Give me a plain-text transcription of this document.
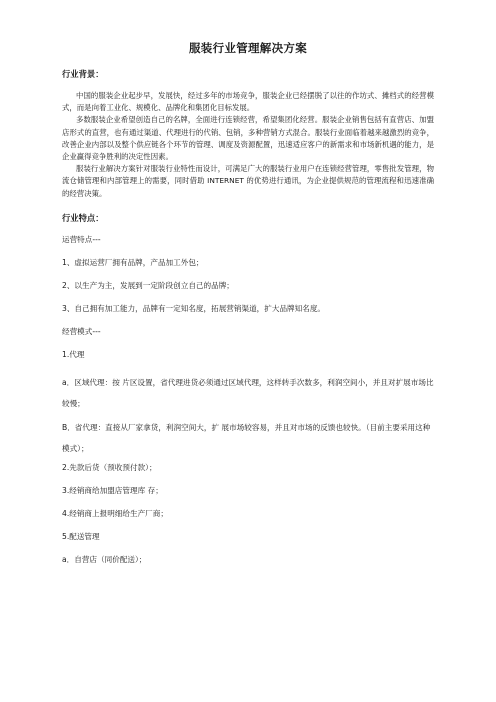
服装行业管理解决方案
行业背景：

中国的服装企业起步早，发展快，经过多年的市场竞争，服装企业已经摆脱了以往的作坊式、摊档式的经营模式，而是向着工业化、规模化、品牌化和集团化目标发展。

多数服装企业希望创造自己的名牌，全面进行连锁经营，希望集团化经营。服装企业销售包括有直营店、加盟店形式的直营，也有通过渠道、代理进行的代销、包销，多种营销方式混合。服装行业面临着越来越激烈的竞争，改善企业内部以及整个供应链各个环节的管理、调度及资源配置，迅速适应客户的新需求和市场新机遇的能力，是企业赢得竞争胜利的决定性因素。

服装行业解决方案针对服装行业特性而设计，可满足广大的服装行业用户在连锁经营管理，零售批发管理，物流仓储管理和内部管理上的需要，同时借助 INTERNET 的优势进行通讯，为企业提供规范的管理流程和迅速准确的经营决策。

行业特点：
运营特点---
1、虚拟运营厂拥有品牌，产品加工外包；
2、以生产为主，发展到一定阶段创立自己的品牌；
3、自己拥有加工能力，品牌有一定知名度，拓展营销渠道，扩大品牌知名度。
经营模式---
1.代理
a．区域代理：按 片区设置，省代理进货必须通过区域代理，这样转手次数多，利润空间小，并且对扩展市场比较慢；
B．省代理：直接从厂家拿货，利润空间大，扩 展市场较容易，并且对市场的反馈也较快。（目前主要采用这种模式）；
2.先款后货（预收预付款）；
3.经销商给加盟店管理库 存；
4.经销商上报明细给生产厂商；
5.配送管理
a．自营店（同价配送）；
